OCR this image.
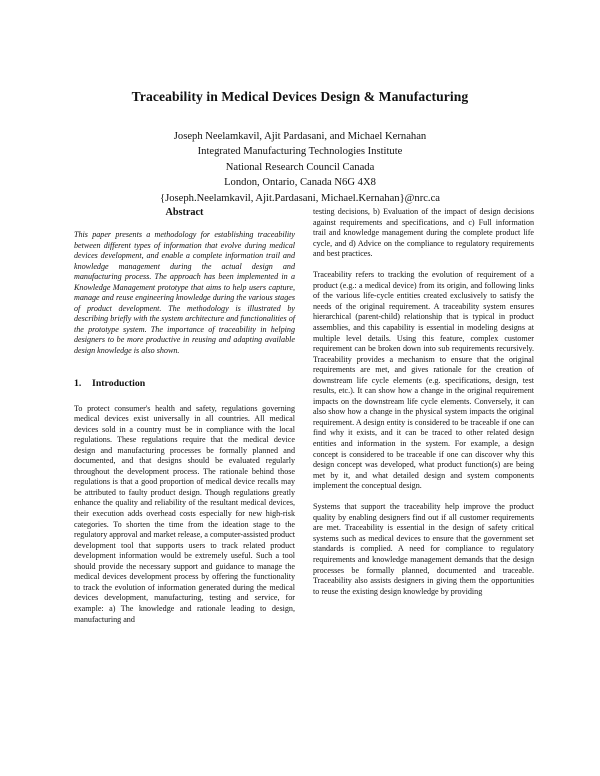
Traceability in Medical Devices Design & Manufacturing
Joseph Neelamkavil, Ajit Pardasani, and Michael Kernahan
Integrated Manufacturing Technologies Institute
National Research Council Canada
London, Ontario, Canada N6G 4X8
{Joseph.Neelamkavil, Ajit.Pardasani, Michael.Kernahan}@nrc.ca
Abstract

This paper presents a methodology for establishing traceability between different types of information that evolve during medical devices development, and enable a complete information trail and knowledge management during the actual design and manufacturing process. The approach has been implemented in a Knowledge Management prototype that aims to help users capture, manage and reuse engineering knowledge during the various stages of product development. The methodology is illustrated by describing briefly with the system architecture and functionalities of the prototype system. The importance of traceability in helping designers to be more productive in reusing and adapting available design knowledge is also shown.

1. Introduction

To protect consumer's health and safety, regulations governing medical devices exist universally in all countries. All medical devices sold in a country must be in compliance with the local regulations. These regulations require that the medical device design and manufacturing processes be formally planned and documented, and that designs should be evaluated regularly throughout the development process. The rationale behind those regulations is that a good proportion of medical device recalls may be attributed to faulty product design. Though regulations greatly enhance the quality and reliability of the resultant medical devices, their execution adds overhead costs especially for new high-risk categories. To shorten the time from the ideation stage to the regulatory approval and market release, a computer-assisted product development tool that supports users to track related product development information would be extremely useful. Such a tool should provide the necessary support and guidance to manage the medical devices development process by offering the functionality to track the evolution of information generated during the medical devices development, manufacturing, testing and service, for example: a) The knowledge and rationale leading to design, manufacturing and

testing decisions, b) Evaluation of the impact of design decisions against requirements and specifications, and c) Full information trail and knowledge management during the complete product life cycle, and d) Advice on the compliance to regulatory requirements and best practices.

Traceability refers to tracking the evolution of requirement of a product (e.g.: a medical device) from its origin, and following links of the various life-cycle entities created exclusively to satisfy the needs of the original requirement. A traceability system ensures hierarchical (parent-child) relationship that is typical in product assemblies, and this capability is essential in modeling designs at multiple level details. Using this feature, complex customer requirement can be broken down into sub requirements recursively. Traceability provides a mechanism to ensure that the original requirements are met, and gives rationale for the creation of downstream life cycle elements (e.g. specifications, design, test results, etc.). It can show how a change in the original requirement impacts on the downstream life cycle elements. Conversely, it can also show how a change in the physical system impacts the original requirement. A design entity is considered to be traceable if one can find why it exists, and it can be traced to other related design entities and information in the system. For example, a design concept is considered to be traceable if one can discover why this design concept was developed, what product function(s) are being met by it, and what detailed design and system components implement the conceptual design.

Systems that support the traceability help improve the product quality by enabling designers find out if all customer requirements are met. Traceability is essential in the design of safety critical systems such as medical devices to ensure that the government set standards is complied. A need for compliance to regulatory requirements and knowledge management demands that the design processes be formally planned, documented and traceable. Traceability also assists designers in giving them the opportunities to reuse the existing design knowledge by providing
